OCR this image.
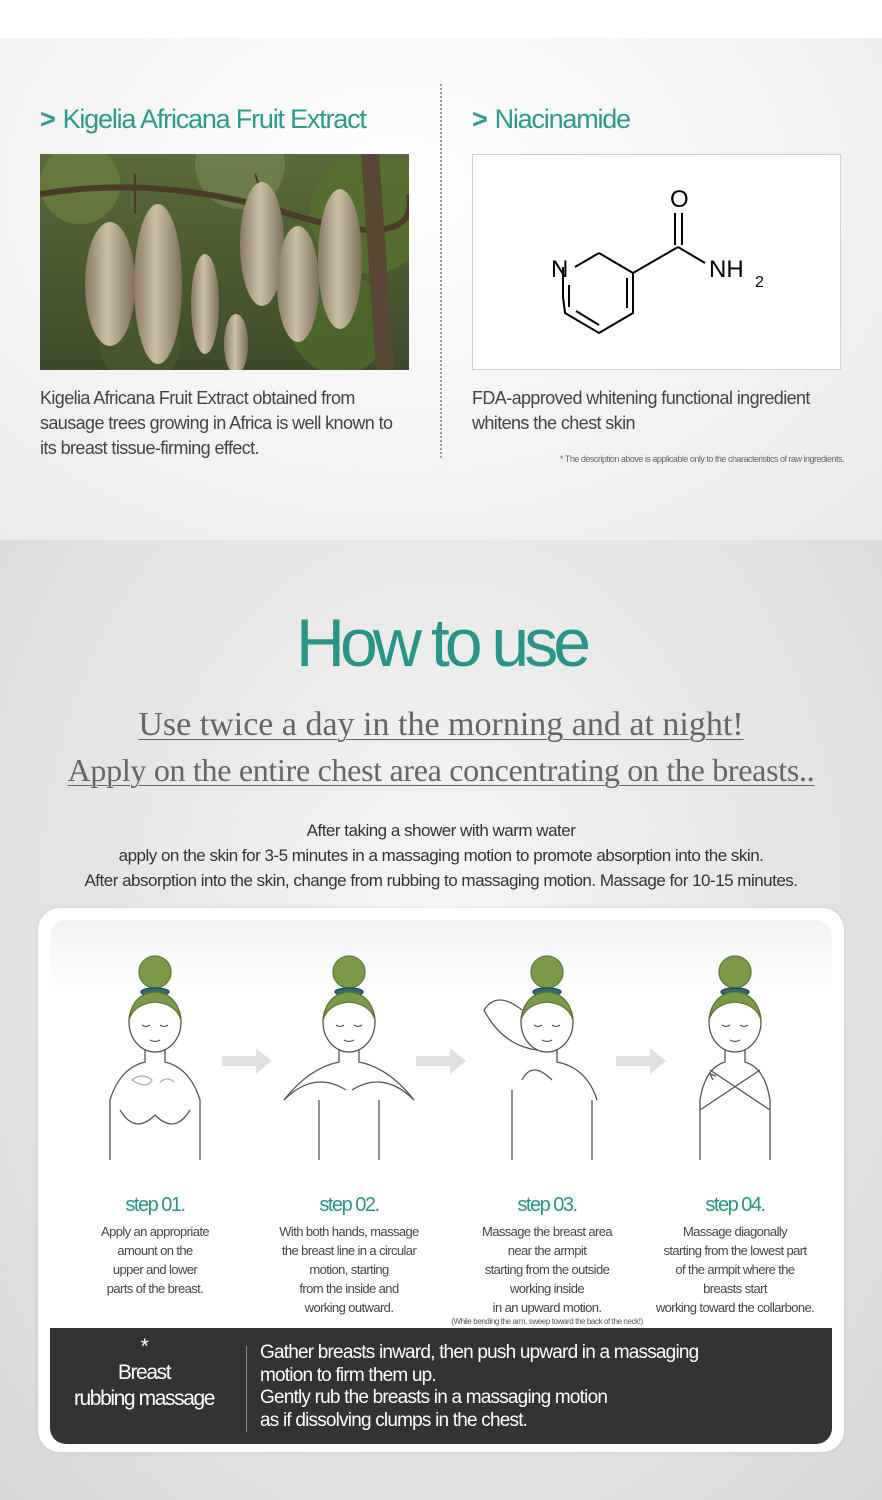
> Kigelia Africana Fruit Extract
Kigelia Africana Fruit Extract obtained from sausage trees growing in Africa is well known to its breast tissue-firming effect.
> Niacinamide
O
N	NH 2
FDA-approved whitening functional ingredient whitens the chest skin
* The description above is applicable only to the characteristics of raw ingredients.
How to use
Use twice a day in the morning and at night!
Apply on the entire chest area concentrating on the breasts..
After taking a shower with warm water
apply on the skin for 3-5 minutes in a massaging motion to promote absorption into the skin.
After absorption into the skin, change from rubbing to massaging motion. Massage for 10-15 minutes.
step 01.
Apply an appropriate
amount on the
upper and lower
parts of the breast.
step 02.
With both hands, massage
the breast line in a circular
motion, starting
from the inside and
working outward.
step 03.
Massage the breast area
near the armpit
starting from the outside
working inside
in an upward motion.
(While bending the arm, sweep toward the back of the neck!)
step 04.
Massage diagonally
starting from the lowest part
of the armpit where the
breasts start
working toward the collarbone.
*
Breast
rubbing massage
Gather breasts inward, then push upward in a massaging
motion to firm them up.
Gently rub the breasts in a massaging motion
as if dissolving clumps in the chest.
